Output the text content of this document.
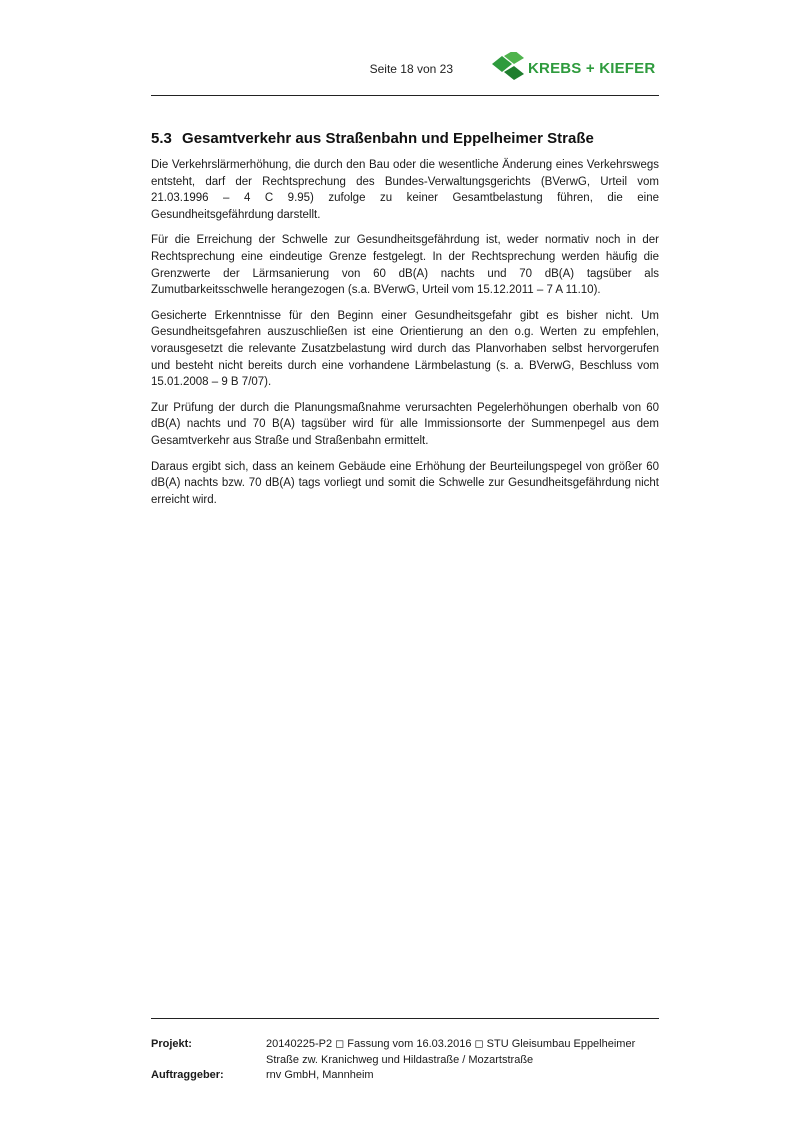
Seite 18 von 23	KREBS + KIEFER
5.3 Gesamtverkehr aus Straßenbahn und Eppelheimer Straße

Die Verkehrslärmerhöhung, die durch den Bau oder die wesentliche Änderung eines Verkehrswegs entsteht, darf der Rechtsprechung des Bundes-Verwaltungsgerichts (BVerwG, Urteil vom 21.03.1996 – 4 C 9.95) zufolge zu keiner Gesamtbelastung führen, die eine Gesundheitsgefährdung darstellt.

Für die Erreichung der Schwelle zur Gesundheitsgefährdung ist, weder normativ noch in der Rechtsprechung eine eindeutige Grenze festgelegt. In der Rechtsprechung werden häufig die Grenzwerte der Lärmsanierung von 60 dB(A) nachts und 70 dB(A) tagsüber als Zumutbarkeitsschwelle herangezogen (s.a. BVerwG, Urteil vom 15.12.2011 – 7 A 11.10).

Gesicherte Erkenntnisse für den Beginn einer Gesundheitsgefahr gibt es bisher nicht. Um Gesundheitsgefahren auszuschließen ist eine Orientierung an den o.g. Werten zu empfehlen, vorausgesetzt die relevante Zusatzbelastung wird durch das Planvorhaben selbst hervorgerufen und besteht nicht bereits durch eine vorhandene Lärmbelastung (s. a. BVerwG, Beschluss vom 15.01.2008 – 9 B 7/07).

Zur Prüfung der durch die Planungsmaßnahme verursachten Pegelerhöhungen oberhalb von 60 dB(A) nachts und 70 B(A) tagsüber wird für alle Immissionsorte der Summenpegel aus dem Gesamtverkehr aus Straße und Straßenbahn ermittelt.

Daraus ergibt sich, dass an keinem Gebäude eine Erhöhung der Beurteilungspegel von größer 60 dB(A) nachts bzw. 70 dB(A) tags vorliegt und somit die Schwelle zur Gesundheitsgefährdung nicht erreicht wird.

Projekt:	20140225-P2 ◻ Fassung vom 16.03.2016 ◻ STU Gleisumbau Eppelheimer Straße zw. Kranichweg und Hildastraße / Mozartstraße
Auftraggeber:	rnv GmbH, Mannheim
